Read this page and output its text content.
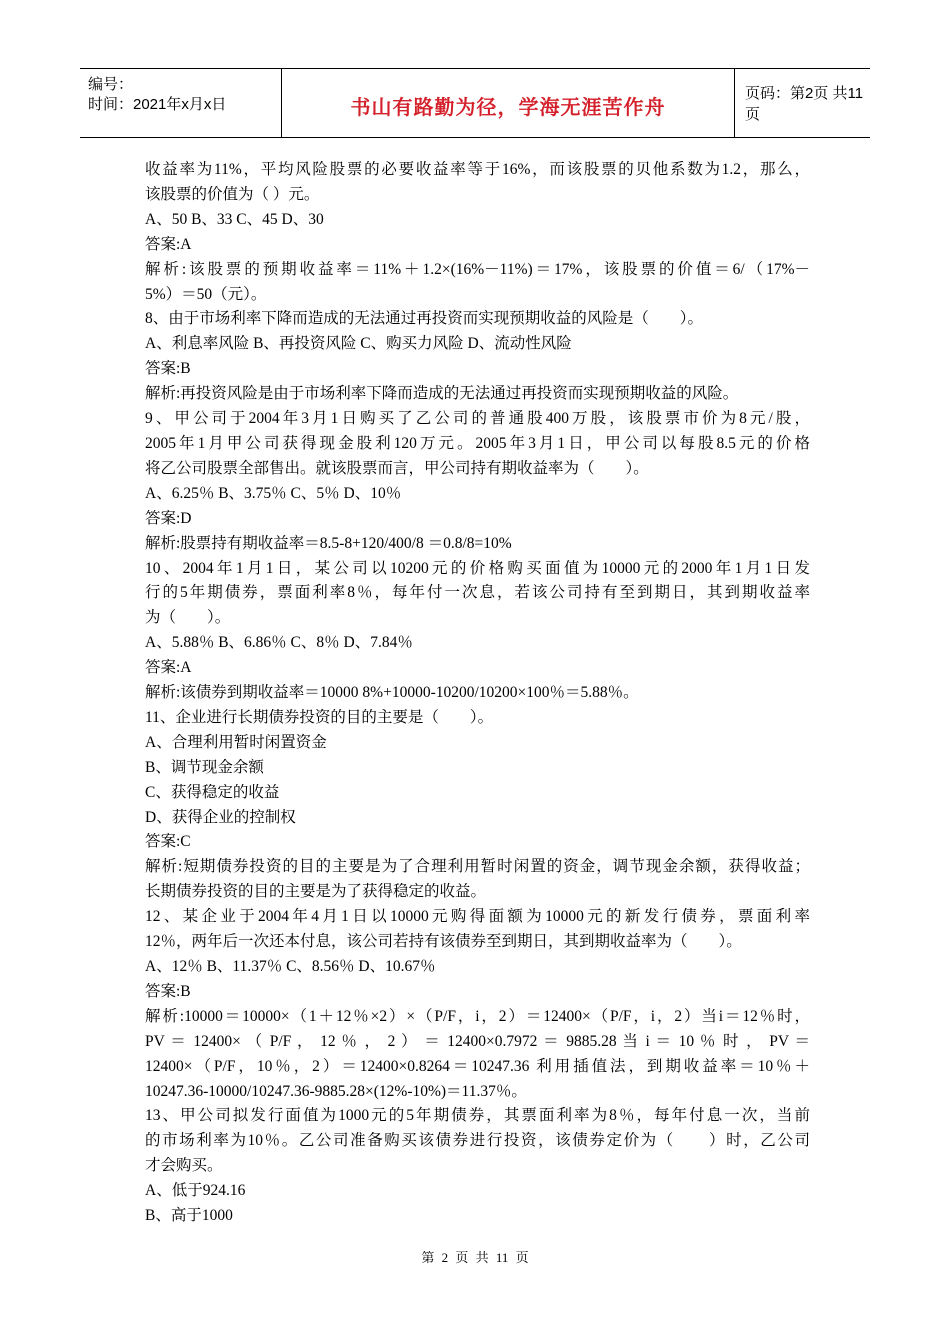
编号：
时间：2021年x月x日	书山有路勤为径，学海无涯苦作舟
页码：第2页 共11页

收益率为11%，平均风险股票的必要收益率等于16%，而该股票的贝他系数为1.2，那么，

该股票的价值为（ ）元。

A、50 B、33 C、45 D、30

答案:A

解析:该股票的预期收益率＝11%＋1.2×(16%－11%)＝17%，该股票的价值＝6/（17%－

5%）＝50（元）。

8、由于市场利率下降而造成的无法通过再投资而实现预期收益的风险是（　　）。

A、利息率风险 B、再投资风险 C、购买力风险 D、流动性风险

答案:B

解析:再投资风险是由于市场利率下降而造成的无法通过再投资而实现预期收益的风险。

9、甲公司于2004年3月1日购买了乙公司的普通股400万股，该股票市价为8元/股，

2005年1月甲公司获得现金股利120万元。2005年3月1日，甲公司以每股8.5元的价格

将乙公司股票全部售出。就该股票而言，甲公司持有期收益率为（　　）。

A、6.25％ B、3.75％ C、5％ D、10％

答案:D

解析:股票持有期收益率＝8.5-8+120/400/8 ＝0.8/8=10%

10、2004年1月1日，某公司以10200元的价格购买面值为10000元的2000年1月1日发

行的5年期债券，票面利率8％，每年付一次息，若该公司持有至到期日，其到期收益率

为（　　）。

A、5.88％ B、6.86％ C、8％ D、7.84％

答案:A

解析:该债券到期收益率＝10000 8%+10000-10200/10200×100％＝5.88％。

11、企业进行长期债券投资的目的主要是（　　）。

A、合理利用暂时闲置资金

B、调节现金余额

C、获得稳定的收益

D、获得企业的控制权

答案:C

解析:短期债券投资的目的主要是为了合理利用暂时闲置的资金，调节现金余额，获得收益；

长期债券投资的目的主要是为了获得稳定的收益。

12、某企业于2004年4月1日以10000元购得面额为10000元的新发行债券，票面利率

12％，两年后一次还本付息，该公司若持有该债券至到期日，其到期收益率为（　　）。

A、12％ B、11.37％ C、8.56％ D、10.67％

答案:B

解析:10000＝10000×（1＋12％×2）×（P/F，i，2）＝12400×（P/F，i，2）当i＝12％时，

PV ＝ 12400× （ P/F ， 12 ％ ， 2 ） ＝ 12400×0.7972 ＝ 9885.28 当 i ＝ 10 ％ 时 ， PV ＝

12400×（P/F，10％，2）＝12400×0.8264＝10247.36 利用插值法，到期收益率＝10％＋

10247.36-10000/10247.36-9885.28×(12%-10%)＝11.37％。

13、甲公司拟发行面值为1000元的5年期债券，其票面利率为8％，每年付息一次，当前

的市场利率为10％。乙公司准备购买该债券进行投资，该债券定价为（　　）时，乙公司

才会购买。

A、低于924.16

B、高于1000

第 2 页 共 11 页
